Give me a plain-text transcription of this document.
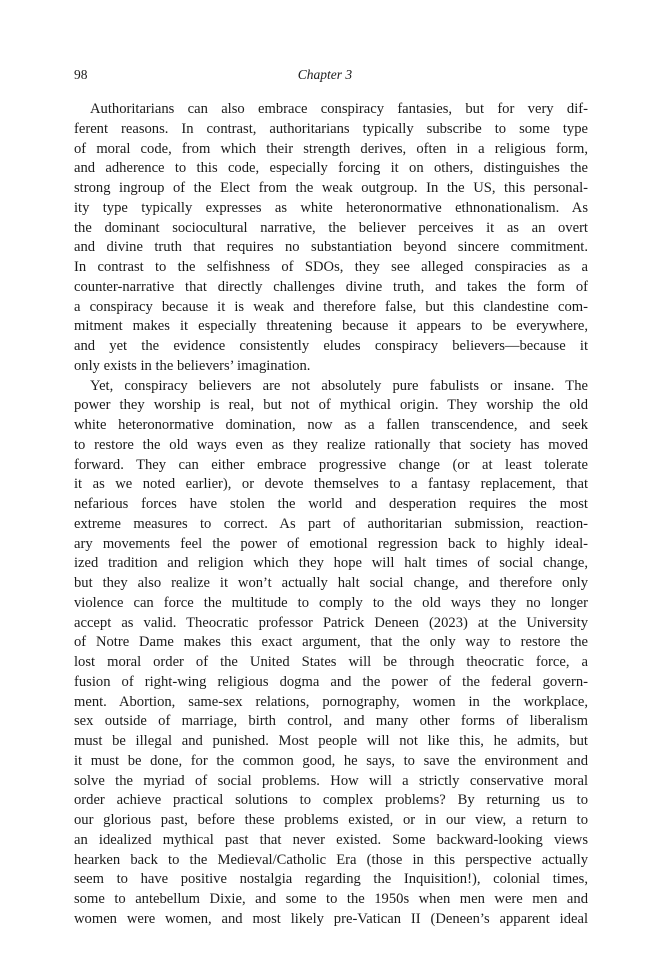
98	Chapter 3
Authoritarians can also embrace conspiracy fantasies, but for very dif-
ferent reasons. In contrast, authoritarians typically subscribe to some type
of moral code, from which their strength derives, often in a religious form,
and adherence to this code, especially forcing it on others, distinguishes the
strong ingroup of the Elect from the weak outgroup. In the US, this personal-
ity type typically expresses as white heteronormative ethnonationalism. As
the dominant sociocultural narrative, the believer perceives it as an overt
and divine truth that requires no substantiation beyond sincere commitment.
In contrast to the selfishness of SDOs, they see alleged conspiracies as a
counter-narrative that directly challenges divine truth, and takes the form of
a conspiracy because it is weak and therefore false, but this clandestine com-
mitment makes it especially threatening because it appears to be everywhere,
and yet the evidence consistently eludes conspiracy believers—because it
only exists in the believers’ imagination.
Yet, conspiracy believers are not absolutely pure fabulists or insane. The
power they worship is real, but not of mythical origin. They worship the old
white heteronormative domination, now as a fallen transcendence, and seek
to restore the old ways even as they realize rationally that society has moved
forward. They can either embrace progressive change (or at least tolerate
it as we noted earlier), or devote themselves to a fantasy replacement, that
nefarious forces have stolen the world and desperation requires the most
extreme measures to correct. As part of authoritarian submission, reaction-
ary movements feel the power of emotional regression back to highly ideal-
ized tradition and religion which they hope will halt times of social change,
but they also realize it won’t actually halt social change, and therefore only
violence can force the multitude to comply to the old ways they no longer
accept as valid. Theocratic professor Patrick Deneen (2023) at the University
of Notre Dame makes this exact argument, that the only way to restore the
lost moral order of the United States will be through theocratic force, a
fusion of right-wing religious dogma and the power of the federal govern-
ment. Abortion, same-sex relations, pornography, women in the workplace,
sex outside of marriage, birth control, and many other forms of liberalism
must be illegal and punished. Most people will not like this, he admits, but
it must be done, for the common good, he says, to save the environment and
solve the myriad of social problems. How will a strictly conservative moral
order achieve practical solutions to complex problems? By returning us to
our glorious past, before these problems existed, or in our view, a return to
an idealized mythical past that never existed. Some backward-looking views
hearken back to the Medieval/Catholic Era (those in this perspective actually
seem to have positive nostalgia regarding the Inquisition!), colonial times,
some to antebellum Dixie, and some to the 1950s when men were men and
women were women, and most likely pre-Vatican II (Deneen’s apparent ideal
